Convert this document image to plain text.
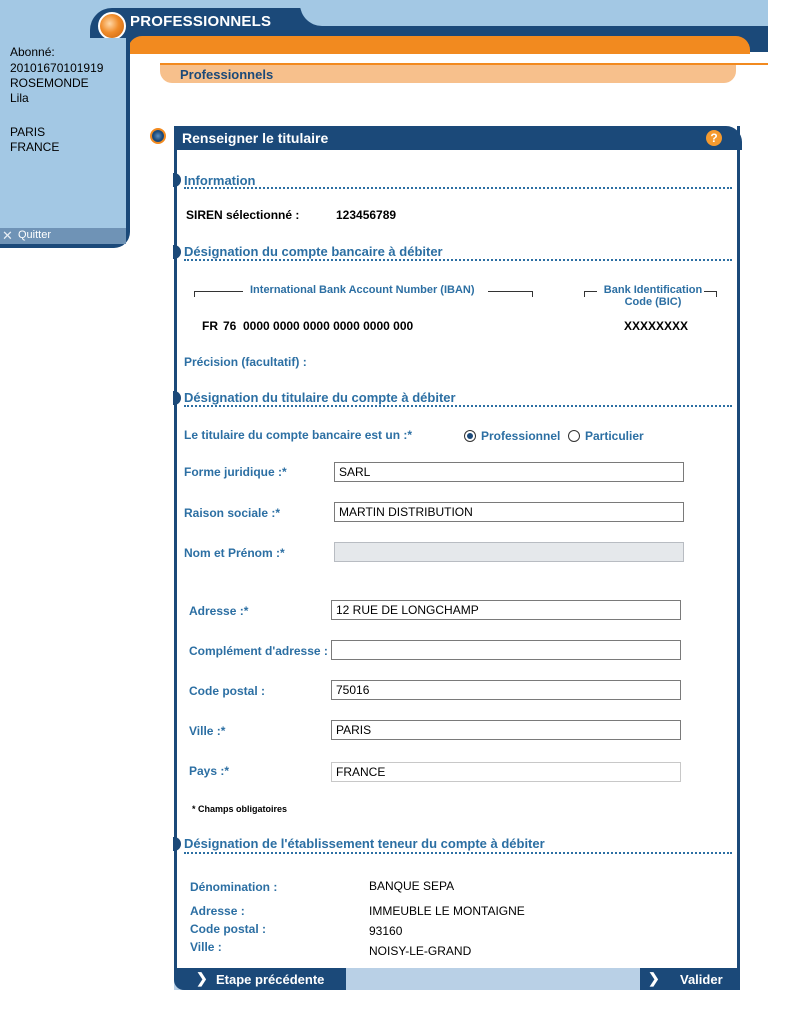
PROFESSIONNELS
Professionnels
Abonné:
20101670101919
ROSEMONDE
Lila
PARIS
FRANCE
✕ Quitter
Renseigner le titulaire	?
Information
SIREN sélectionné :	123456789
Désignation du compte bancaire à débiter
International Bank Account Number (IBAN)	Bank Identification
Code (BIC)
FR 76 0000 0000 0000 0000 0000 000	XXXXXXXX
Précision (facultatif) :
Désignation du titulaire du compte à débiter
Le titulaire du compte bancaire est un :*	Professionnel Particulier
Forme juridique :*	SARL
Raison sociale :*	MARTIN DISTRIBUTION
Nom et Prénom :*
Adresse :*	12 RUE DE LONGCHAMP
Complément d'adresse :
Code postal :	75016
Ville :*	PARIS
Pays :*	FRANCE
* Champs obligatoires
Désignation de l'établissement teneur du compte à débiter
Dénomination :	BANQUE SEPA
Adresse :	IMMEUBLE LE MONTAIGNE
Code postal :	93160
Ville :	NOISY-LE-GRAND
❯ Etape précédente	❯ Valider
